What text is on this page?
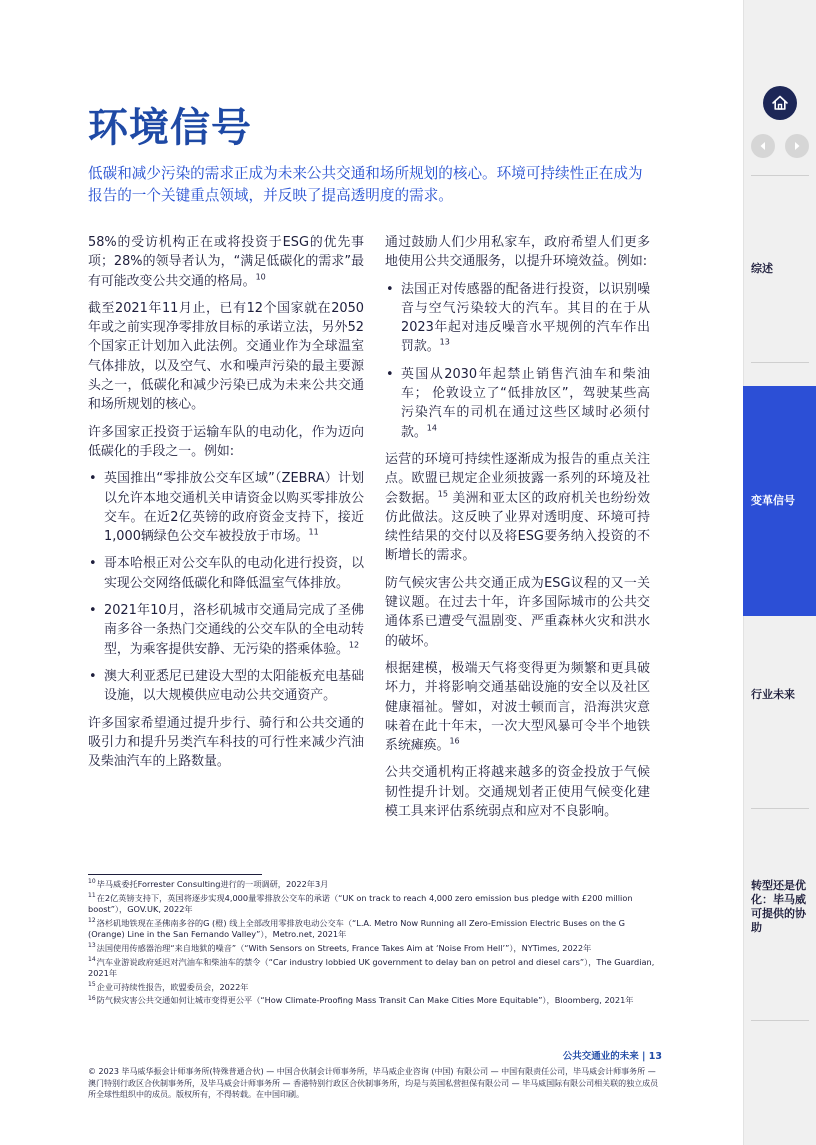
环境信号
低碳和减少污染的需求正成为未来公共交通和场所规划的核心。环境可持续性正在成为报告的一个关键重点领域，并反映了提高透明度的需求。

58%的受访机构正在或将投资于ESG的优先事项；28%的领导者认为，“满足低碳化的需求”最有可能改变公共交通的格局。$^{10}$

截至2021年11月止，已有12个国家就在2050年或之前实现净零排放目标的承诺立法，另外52个国家正计划加入此法例。交通业作为全球温室气体排放，以及空气、水和噪声污染的最主要源头之一，低碳化和减少污染已成为未来公共交通和场所规划的核心。

许多国家正投资于运输车队的电动化，作为迈向低碳化的手段之一。例如:

• 英国推出“零排放公交车区域”（ZEBRA）计划以允许本地交通机关申请资金以购买零排放公交车。在近2亿英镑的政府资金支持下，接近1,000辆绿色公交车被投放于市场。$^{11}$
• 哥本哈根正对公交车队的电动化进行投资，以实现公交网络低碳化和降低温室气体排放。
• 2021年10月，洛杉矶城市交通局完成了圣佛南多谷一条热门交通线的公交车队的全电动转型，为乘客提供安静、无污染的搭乘体验。$^{12}$
• 澳大利亚悉尼已建设大型的太阳能板充电基础设施，以大规模供应电动公共交通资产。

许多国家希望通过提升步行、骑行和公共交通的吸引力和提升另类汽车科技的可行性来减少汽油及柴油汽车的上路数量。

通过鼓励人们少用私家车，政府希望人们更多地使用公共交通服务，以提升环境效益。例如:

• 法国正对传感器的配备进行投资，以识别噪音与空气污染较大的汽车。其目的在于从2023年起对违反噪音水平规例的汽车作出罚款。$^{13}$
• 英国从2030年起禁止销售汽油车和柴油车； 伦敦设立了“低排放区”，驾驶某些高污染汽车的司机在通过这些区域时必须付款。$^{14}$

运营的环境可持续性逐渐成为报告的重点关注点。欧盟已规定企业须披露一系列的环境及社会数据。$^{15}$ 美洲和亚太区的政府机关也纷纷效仿此做法。这反映了业界对透明度、环境可持续性结果的交付以及将ESG要务纳入投资的不断增长的需求。

防气候灾害公共交通正成为ESG议程的又一关键议题。在过去十年，许多国际城市的公共交通体系已遭受气温剧变、严重森林火灾和洪水的破坏。

根据建模，极端天气将变得更为频繁和更具破坏力，并将影响交通基础设施的安全以及社区健康福祉。譬如，对波士顿而言，沿海洪灾意味着在此十年末，一次大型风暴可令半个地铁系统瘫痪。$^{16}$

公共交通机构正将越来越多的资金投放于气候韧性提升计划。交通规划者正使用气候变化建模工具来评估系统弱点和应对不良影响。

$^{10}$毕马威委托Forrester Consulting进行的一项调研，2022年3月
$^{11}$在2亿英镑支持下，英国将逐步实现4,000量零排放公交车的承诺（“UK on track to reach 4,000 zero emission bus pledge with £200 million boost”），GOV.UK, 2022年
$^{12}$洛杉矶地铁现在圣佛南多谷的G (橙) 线上全部改用零排放电动公交车（“L.A. Metro Now Running all Zero-Emission Electric Buses on the G (Orange) Line in the San Fernando Valley”），Metro.net, 2021年
$^{13}$法国使用传感器治理“来自地狱的噪音”（“With Sensors on Streets, France Takes Aim at ‘Noise From Hell’”），NYTimes, 2022年
$^{14}$汽车业游说政府延迟对汽油车和柴油车的禁令（“Car industry lobbied UK government to delay ban on petrol and diesel cars”），The Guardian, 2021年
$^{15}$企业可持续性报告，欧盟委员会，2022年
$^{16}$防气候灾害公共交通如何让城市变得更公平（“How Climate-Proofing Mass Transit Can Make Cities More Equitable”），Bloomberg, 2021年
公共交通业的未来 | 13
© 2023 毕马威华振会计师事务所(特殊普通合伙) — 中国合伙制会计师事务所，毕马威企业咨询 (中国) 有限公司 — 中国有限责任公司，毕马威会计师事务所 — 澳门特别行政区合伙制事务所，及毕马威会计师事务所 — 香港特别行政区合伙制事务所，均是与英国私营担保有限公司 — 毕马威国际有限公司相关联的独立成员所全球性组织中的成员。版权所有，不得转载。在中国印刷。
综述
变革信号
行业未来
转型还是优化：毕马威可提供的协助
